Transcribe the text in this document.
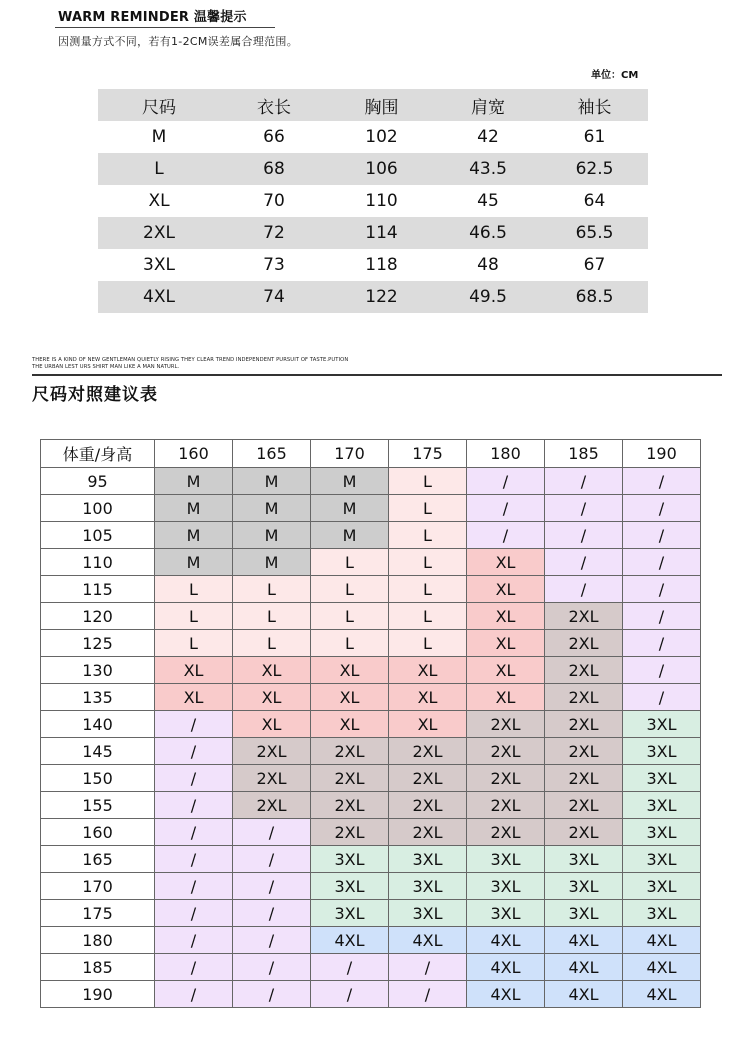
WARM REMINDER 温馨提示
因测量方式不同，若有1-2CM误差属合理范围。
单位：CM
尺码	衣长	胸围	肩宽	袖长
M	66	102	42	61
L	68	106	43.5	62.5
XL	70	110	45	64
2XL	72	114	46.5	65.5
3XL	73	118	48	67
4XL	74	122	49.5	68.5
THERE IS A KIND OF NEW GENTLEMAN QUIETLY RISING THEY CLEAR TREND INDEPENDENT PURSUIT OF TASTE.PUTION
THE URBAN LEST URS SHIRT MAN LIKE A MAN NATURL.
尺码对照建议表
体重/身高	160	165	170	175	180	185	190
95	M	M	M	L	/	/	/
100	M	M	M	L	/	/	/
105	M	M	M	L	/	/	/
110	M	M	L	L	XL	/	/
115	L	L	L	L	XL	/	/
120	L	L	L	L	XL	2XL	/
125	L	L	L	L	XL	2XL	/
130	XL	XL	XL	XL	XL	2XL	/
135	XL	XL	XL	XL	XL	2XL	/
140	/	XL	XL	XL	2XL	2XL	3XL
145	/	2XL	2XL	2XL	2XL	2XL	3XL
150	/	2XL	2XL	2XL	2XL	2XL	3XL
155	/	2XL	2XL	2XL	2XL	2XL	3XL
160	/	/	2XL	2XL	2XL	2XL	3XL
165	/	/	3XL	3XL	3XL	3XL	3XL
170	/	/	3XL	3XL	3XL	3XL	3XL
175	/	/	3XL	3XL	3XL	3XL	3XL
180	/	/	4XL	4XL	4XL	4XL	4XL
185	/	/	/	/	4XL	4XL	4XL
190	/	/	/	/	4XL	4XL	4XL
